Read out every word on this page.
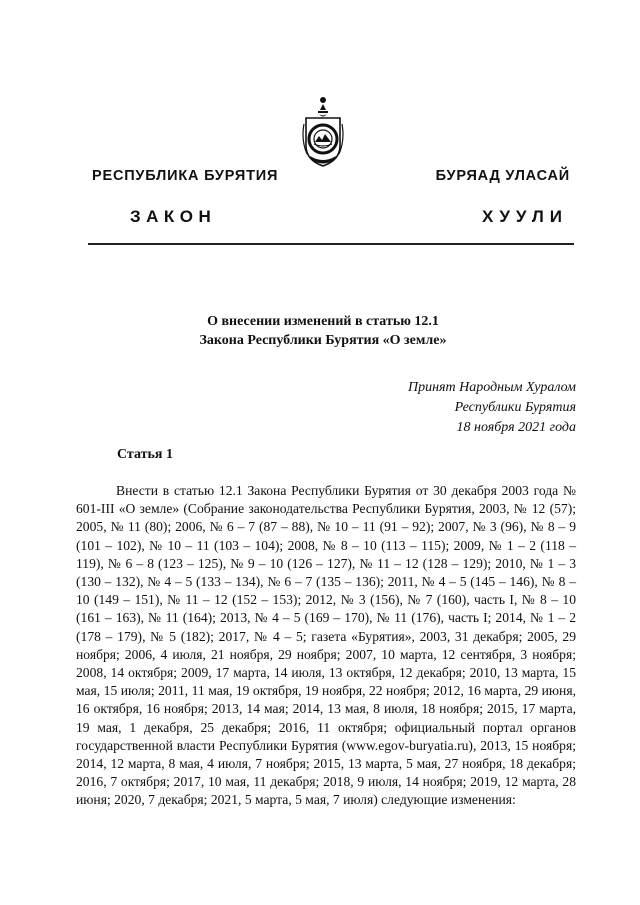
РЕСПУБЛИКА БУРЯТИЯ	БУРЯАД УЛАСАЙ
ЗАКОН	ХУУЛИ
О внесении изменений в статью 12.1
Закона Республики Бурятия «О земле»
Принят Народным Хуралом
Республики Бурятия
18 ноября 2021 года
Статья 1

Внести в статью 12.1 Закона Республики Бурятия от 30 декабря 2003 года № 601-III «О земле» (Собрание законодательства Республики Бурятия, 2003, № 12 (57); 2005, № 11 (80); 2006, № 6 – 7 (87 – 88), № 10 – 11 (91 – 92); 2007, № 3 (96), № 8 – 9 (101 – 102), № 10 – 11 (103 – 104); 2008, № 8 – 10 (113 – 115); 2009, № 1 – 2 (118 – 119), № 6 – 8 (123 – 125), № 9 – 10 (126 – 127), № 11 – 12 (128 – 129); 2010, № 1 – 3 (130 – 132), № 4 – 5 (133 – 134), № 6 – 7 (135 – 136); 2011, № 4 – 5 (145 – 146), № 8 – 10 (149 – 151), № 11 – 12 (152 – 153); 2012, № 3 (156), № 7 (160), часть I, № 8 – 10 (161 – 163), № 11 (164); 2013, № 4 – 5 (169 – 170), № 11 (176), часть I; 2014, № 1 – 2 (178 – 179), № 5 (182); 2017, № 4 – 5; газета «Бурятия», 2003, 31 декабря; 2005, 29 ноября; 2006, 4 июля, 21 ноября, 29 ноября; 2007, 10 марта, 12 сентября, 3 ноября; 2008, 14 октября; 2009, 17 марта, 14 июля, 13 октября, 12 декабря; 2010, 13 марта, 15 мая, 15 июля; 2011, 11 мая, 19 октября, 19 ноября, 22 ноября; 2012, 16 марта, 29 июня, 16 октября, 16 ноября; 2013, 14 мая; 2014, 13 мая, 8 июля, 18 ноября; 2015, 17 марта, 19 мая, 1 декабря, 25 декабря; 2016, 11 октября; официальный портал органов государственной власти Республики Бурятия (www.egov-buryatia.ru), 2013, 15 ноября; 2014, 12 марта, 8 мая, 4 июля, 7 ноября; 2015, 13 марта, 5 мая, 27 ноября, 18 декабря; 2016, 7 октября; 2017, 10 мая, 11 декабря; 2018, 9 июля, 14 ноября; 2019, 12 марта, 28 июня; 2020, 7 декабря; 2021, 5 марта, 5 мая, 7 июля) следующие изменения:
